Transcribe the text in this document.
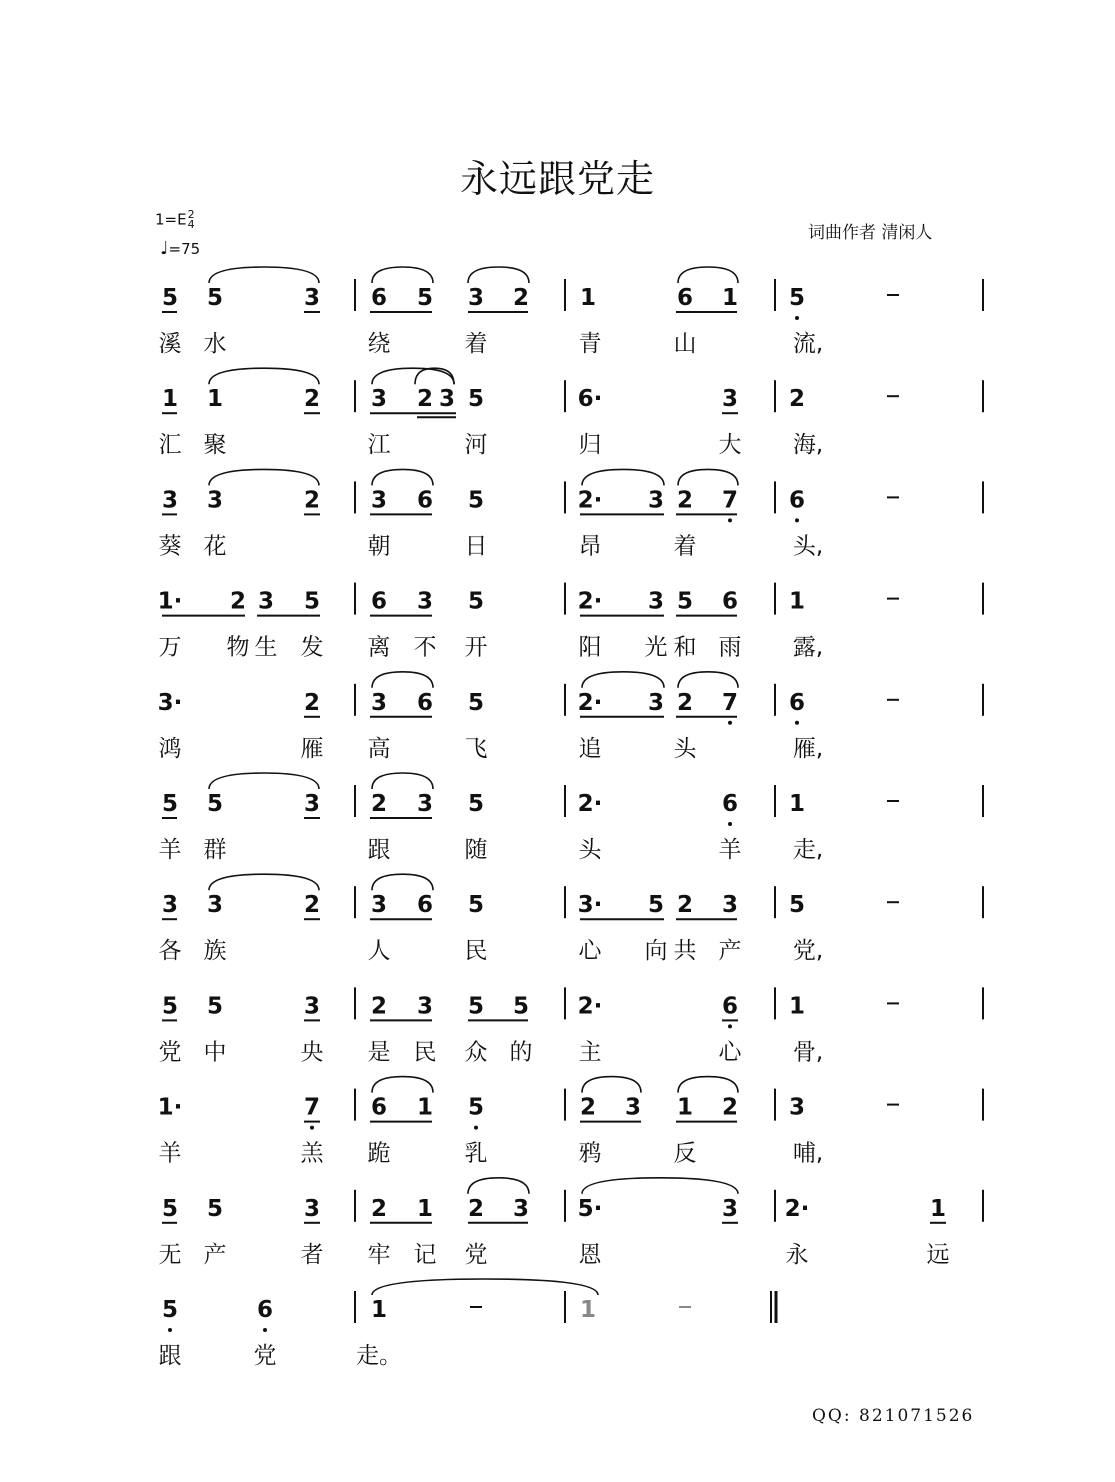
永远跟党走
1=E2
4
♩=75
词曲作者 清闲人
QQ: 821071526
5 5	3 6 5 3 2 1	6 1 5
溪 水	绕	着	青	山	流,
1 1	2 3 2 3 5	6·	3 2
汇 聚	江	河	归	大 海,
3 3	2 3 6 5	2· 3 2 7 6
葵 花	朝	日	昂	着	头,
1· 2 3 5 6 3 5	2· 3 5 6 1
万 物 生 发 离 不 开	阳 光 和 雨 露,
3·	2 3 6 5	2· 3 2 7 6
鸿	雁 高	飞	追	头	雁,
5 5	3 2 3 5	2·	6 1
羊 群	跟	随	头	羊 走,
3 3	2 3 6 5	3· 5 2 3 5
各 族	人	民	心 向 共 产 党,
5 5	3 2 3 5 5 2·	6 1
党 中	央 是 民 众 的 主	心 骨,
1·	7 6 1 5	2 3 1 2 3
羊	羔 跪	乳	鸦	反	哺,
5 5	3 2 1 2 3 5·	3 2·	1
无 产	者 牢 记 党	恩	永	远
5	6	1	1
跟	党	走。
